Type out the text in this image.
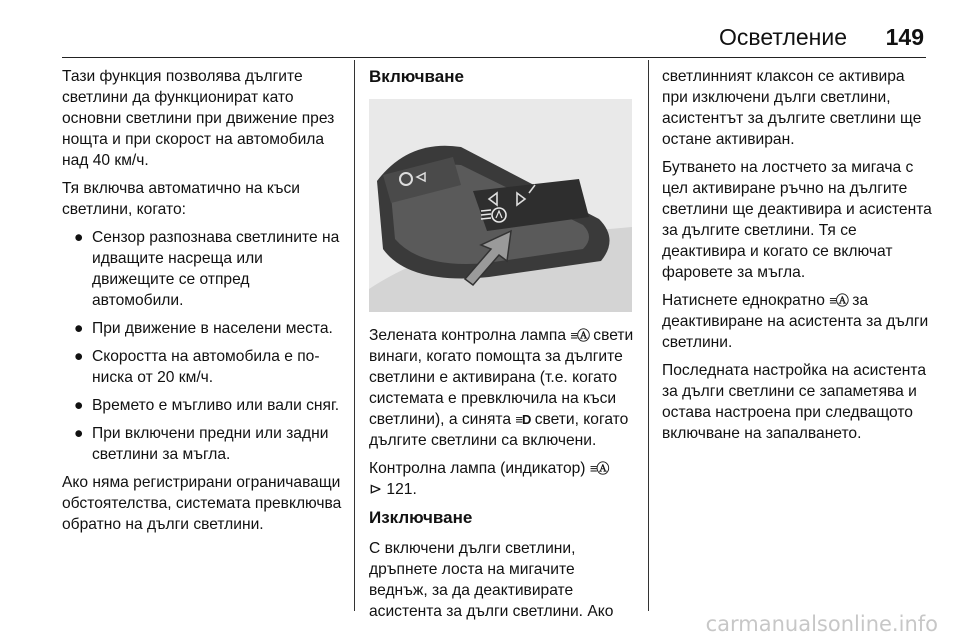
Осветление 149

Тази функция позволява дългите светлини да функционират като основни светлини при движение през нощта и при скорост на автомобила над 40 км/ч.

Тя включва автоматично на къси светлини, когато:

● Сензор разпознава светлините на идващите насреща или движещите се отпред автомобили.
● При движение в населени места.
● Скоростта на автомобила е по-ниска от 20 км/ч.
● Времето е мъгливо или вали сняг.
● При включени предни или задни светлини за мъгла.

Ако няма регистрирани ограничаващи обстоятелства, системата превключва обратно на дълги светлини.

Включване

Зелената контролна лампа ≡Ⓐ свети винаги, когато помощта за дългите светлини е активирана (т.е. когато системата е превключила на къси светлини), а синята ≡D свети, когато дългите светлини са включени.

Контролна лампа (индикатор) ≡Ⓐ
⊳ 121.

Изключване

С включени дълги светлини, дръпнете лоста на мигачите веднъж, за да деактивирате асистента за дълги светлини. Ако

светлинният клаксон се активира при изключени дълги светлини, асистентът за дългите светлини ще остане активиран.

Бутването на лостчето за мигача с цел активиране ръчно на дългите светлини ще деактивира и асистента за дългите светлини. Тя се деактивира и когато се включат фаровете за мъгла.

Натиснете еднократно ≡Ⓐ за деактивиране на асистента за дълги светлини.

Последната настройка на асистента за дълги светлини се запаметява и остава настроена при следващото включване на запалването.

carmanualsonline.info
